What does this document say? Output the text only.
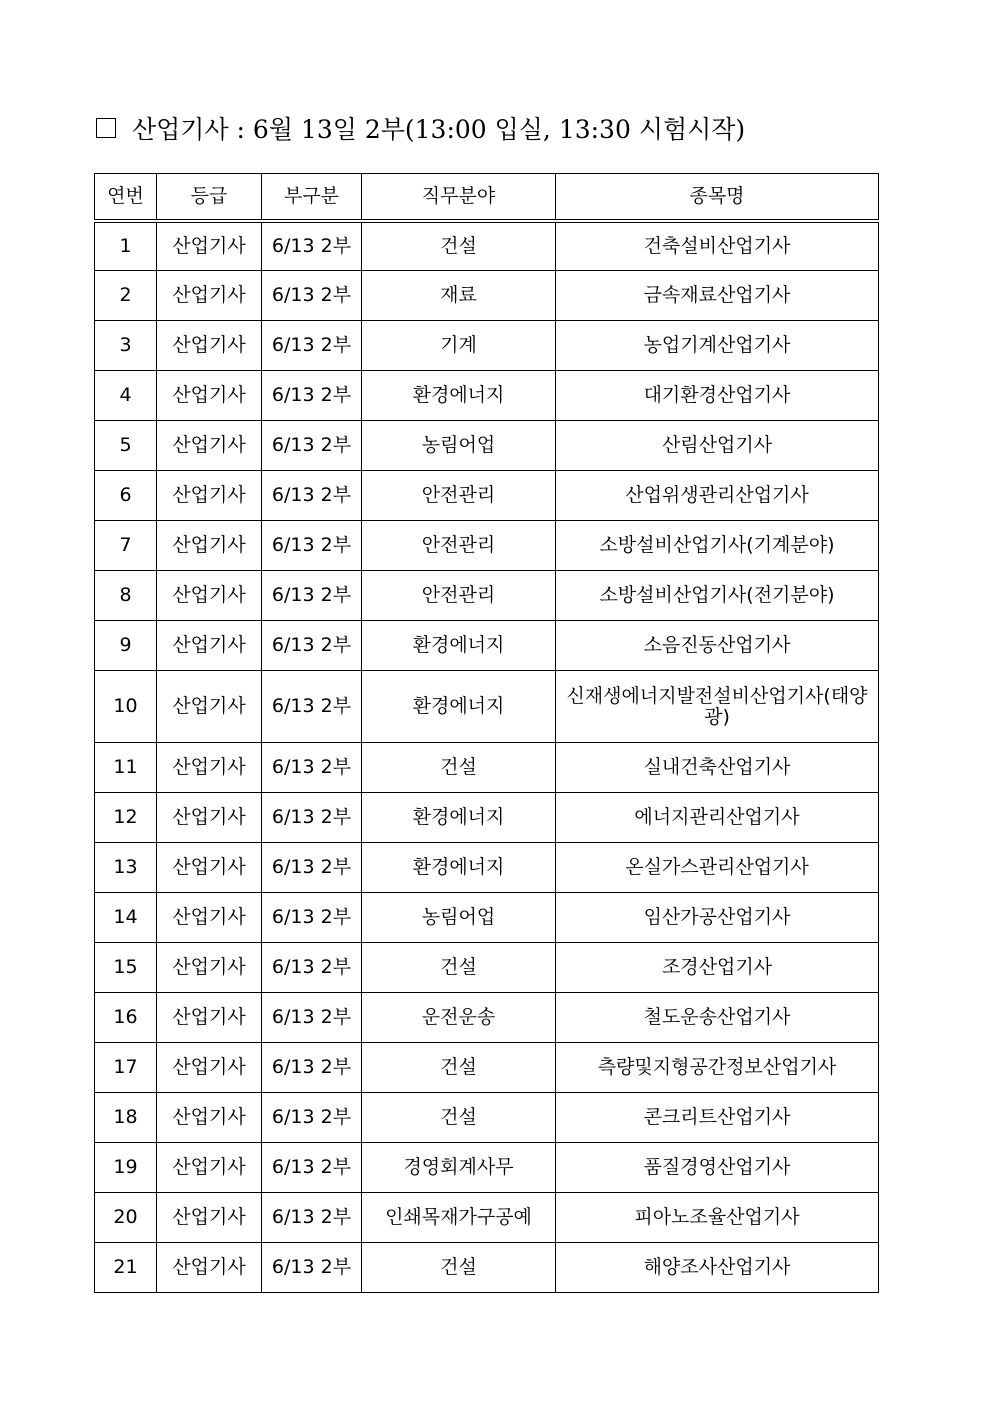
산업기사 : 6월 13일 2부(13:00 입실, 13:30 시험시작)
연번	등급	부구분	직무분야	종목명
1	산업기사	6/13 2부	건설	건축설비산업기사
2	산업기사	6/13 2부	재료	금속재료산업기사
3	산업기사	6/13 2부	기계	농업기계산업기사
4	산업기사	6/13 2부	환경에너지	대기환경산업기사
5	산업기사	6/13 2부	농림어업	산림산업기사
6	산업기사	6/13 2부	안전관리	산업위생관리산업기사
7	산업기사	6/13 2부	안전관리	소방설비산업기사(기계분야)
8	산업기사	6/13 2부	안전관리	소방설비산업기사(전기분야)
9	산업기사	6/13 2부	환경에너지	소음진동산업기사
10	산업기사	6/13 2부	환경에너지	신재생에너지발전설비산업기사(태양광)
11	산업기사	6/13 2부	건설	실내건축산업기사
12	산업기사	6/13 2부	환경에너지	에너지관리산업기사
13	산업기사	6/13 2부	환경에너지	온실가스관리산업기사
14	산업기사	6/13 2부	농림어업	임산가공산업기사
15	산업기사	6/13 2부	건설	조경산업기사
16	산업기사	6/13 2부	운전운송	철도운송산업기사
17	산업기사	6/13 2부	건설	측량및지형공간정보산업기사
18	산업기사	6/13 2부	건설	콘크리트산업기사
19	산업기사	6/13 2부	경영회계사무	품질경영산업기사
20	산업기사	6/13 2부	인쇄목재가구공예	피아노조율산업기사
21	산업기사	6/13 2부	건설	해양조사산업기사
